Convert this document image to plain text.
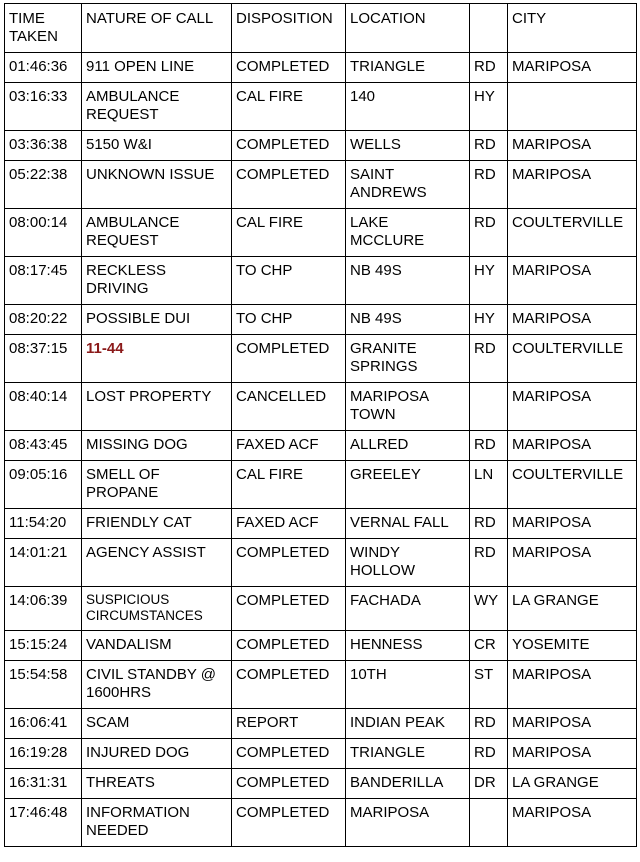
TIME TAKEN	NATURE OF CALL	DISPOSITION	LOCATION		CITY
01:46:36	911 OPEN LINE	COMPLETED	TRIANGLE	RD	MARIPOSA
03:16:33	AMBULANCE REQUEST	CAL FIRE	140	HY	
03:36:38	5150 W&I	COMPLETED	WELLS	RD	MARIPOSA
05:22:38	UNKNOWN ISSUE	COMPLETED	SAINT ANDREWS	RD	MARIPOSA
08:00:14	AMBULANCE REQUEST	CAL FIRE	LAKE MCCLURE	RD	COULTERVILLE
08:17:45	RECKLESS DRIVING	TO CHP	NB 49S	HY	MARIPOSA
08:20:22	POSSIBLE DUI	TO CHP	NB 49S	HY	MARIPOSA
08:37:15	11-44	COMPLETED	GRANITE SPRINGS	RD	COULTERVILLE
08:40:14	LOST PROPERTY	CANCELLED	MARIPOSA TOWN		MARIPOSA
08:43:45	MISSING DOG	FAXED ACF	ALLRED	RD	MARIPOSA
09:05:16	SMELL OF PROPANE	CAL FIRE	GREELEY	LN	COULTERVILLE
11:54:20	FRIENDLY CAT	FAXED ACF	VERNAL FALL	RD	MARIPOSA
14:01:21	AGENCY ASSIST	COMPLETED	WINDY HOLLOW	RD	MARIPOSA
14:06:39	SUSPICIOUS CIRCUMSTANCES	COMPLETED	FACHADA	WY	LA GRANGE
15:15:24	VANDALISM	COMPLETED	HENNESS	CR	YOSEMITE
15:54:58	CIVIL STANDBY @ 1600HRS	COMPLETED	10TH	ST	MARIPOSA
16:06:41	SCAM	REPORT	INDIAN PEAK	RD	MARIPOSA
16:19:28	INJURED DOG	COMPLETED	TRIANGLE	RD	MARIPOSA
16:31:31	THREATS	COMPLETED	BANDERILLA	DR	LA GRANGE
17:46:48	INFORMATION NEEDED	COMPLETED	MARIPOSA		MARIPOSA
